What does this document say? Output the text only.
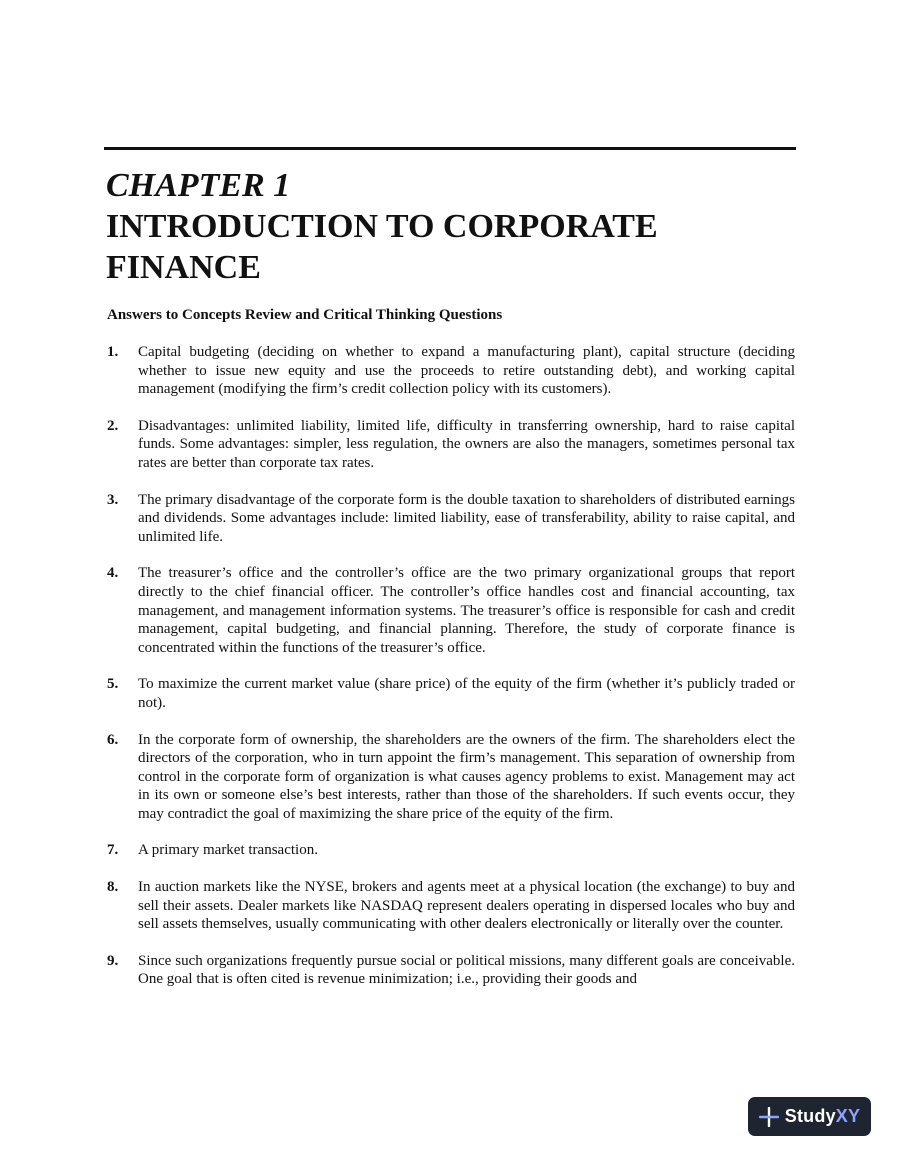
CHAPTER 1
INTRODUCTION TO CORPORATE
FINANCE
Answers to Concepts Review and Critical Thinking Questions
1.	Capital budgeting (deciding on whether to expand a manufacturing plant), capital structure (deciding whether to issue new equity and use the proceeds to retire outstanding debt), and working capital management (modifying the firm’s credit collection policy with its customers).
2.	Disadvantages: unlimited liability, limited life, difficulty in transferring ownership, hard to raise capital funds. Some advantages: simpler, less regulation, the owners are also the managers, sometimes personal tax rates are better than corporate tax rates.
3.	The primary disadvantage of the corporate form is the double taxation to shareholders of distributed earnings and dividends. Some advantages include: limited liability, ease of transferability, ability to raise capital, and unlimited life.
4.	The treasurer’s office and the controller’s office are the two primary organizational groups that report directly to the chief financial officer. The controller’s office handles cost and financial accounting, tax management, and management information systems. The treasurer’s office is responsible for cash and credit management, capital budgeting, and financial planning. Therefore, the study of corporate finance is concentrated within the functions of the treasurer’s office.
5.	To maximize the current market value (share price) of the equity of the firm (whether it’s publicly traded or not).
6.	In the corporate form of ownership, the shareholders are the owners of the firm. The shareholders elect the directors of the corporation, who in turn appoint the firm’s management. This separation of ownership from control in the corporate form of organization is what causes agency problems to exist. Management may act in its own or someone else’s best interests, rather than those of the shareholders. If such events occur, they may contradict the goal of maximizing the share price of the equity of the firm.
7.	A primary market transaction.
8.	In auction markets like the NYSE, brokers and agents meet at a physical location (the exchange) to buy and sell their assets. Dealer markets like NASDAQ represent dealers operating in dispersed locales who buy and sell assets themselves, usually communicating with other dealers electronically or literally over the counter.
9.	Since such organizations frequently pursue social or political missions, many different goals are conceivable. One goal that is often cited is revenue minimization; i.e., providing their goods and
StudyXY
